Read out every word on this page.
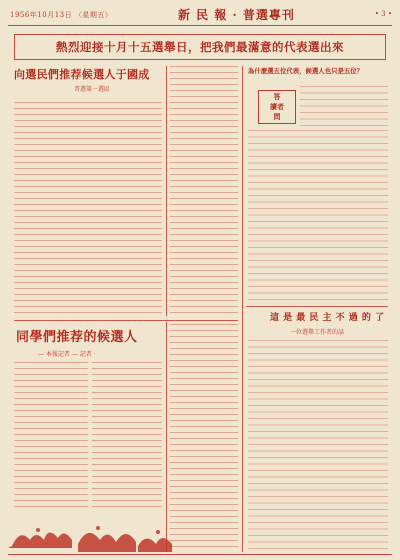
1956年10月13日 （星期五）	新 民 報 · 普選專刊	• 3 •
熱烈迎接十月十五選舉日，把我們最滿意的代表選出來
向選民們推荐候選人于國成
普選第一選區
同學們推荐的候選人
— 本報記者 — 記者 ·
為什麼選五位代表，候選人也只是五位？
答
讀者
問
這 是 最 民 主 不 過 的 了
一位選舉工作者的話
